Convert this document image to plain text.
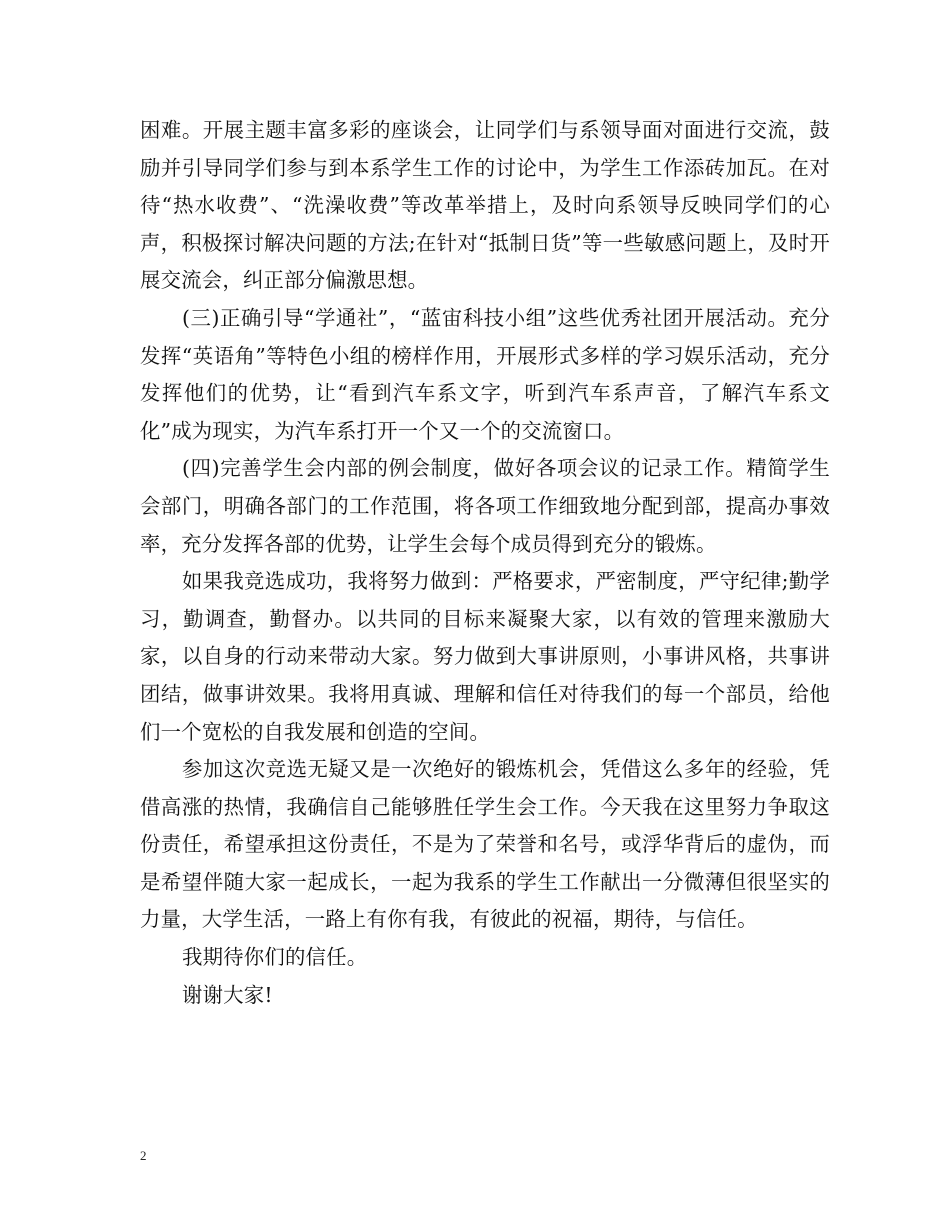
困难。开展主题丰富多彩的座谈会，让同学们与系领导面对面进行交流，鼓励并引导同学们参与到本系学生工作的讨论中，为学生工作添砖加瓦。在对待“热水收费”、“洗澡收费”等改革举措上，及时向系领导反映同学们的心声，积极探讨解决问题的方法;在针对“抵制日货”等一些敏感问题上，及时开展交流会，纠正部分偏激思想。

(三)正确引导“学通社”，“蓝宙科技小组”这些优秀社团开展活动。充分发挥“英语角”等特色小组的榜样作用，开展形式多样的学习娱乐活动，充分发挥他们的优势，让“看到汽车系文字，听到汽车系声音，了解汽车系文化”成为现实，为汽车系打开一个又一个的交流窗口。

(四)完善学生会内部的例会制度，做好各项会议的记录工作。精简学生会部门，明确各部门的工作范围，将各项工作细致地分配到部，提高办事效率，充分发挥各部的优势，让学生会每个成员得到充分的锻炼。

如果我竞选成功，我将努力做到：严格要求，严密制度，严守纪律;勤学习，勤调查，勤督办。以共同的目标来凝聚大家，以有效的管理来激励大家，以自身的行动来带动大家。努力做到大事讲原则，小事讲风格，共事讲团结，做事讲效果。我将用真诚、理解和信任对待我们的每一个部员，给他们一个宽松的自我发展和创造的空间。

参加这次竞选无疑又是一次绝好的锻炼机会，凭借这么多年的经验，凭借高涨的热情，我确信自己能够胜任学生会工作。今天我在这里努力争取这份责任，希望承担这份责任，不是为了荣誉和名号，或浮华背后的虚伪，而是希望伴随大家一起成长，一起为我系的学生工作献出一分微薄但很坚实的力量，大学生活，一路上有你有我，有彼此的祝福，期待，与信任。

我期待你们的信任。

谢谢大家!

2
